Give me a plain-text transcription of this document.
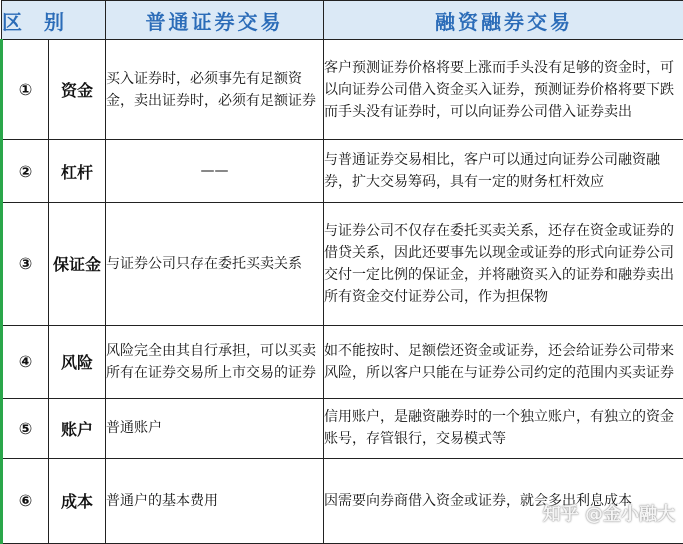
区 别		普通证券交易	融资融券交易
①	资金	买入证券时，必须事先有足额资金，卖出证券时，必须有足额证券	客户预测证券价格将要上涨而手头没有足够的资金时，可以向证券公司借入资金买入证券，预测证券价格将要下跌而手头没有证券时，可以向证券公司借入证券卖出
②	杠杆	——	与普通证券交易相比，客户可以通过向证券公司融资融券，扩大交易筹码，具有一定的财务杠杆效应
③	保证金	与证券公司只存在委托买卖关系	与证券公司不仅存在委托买卖关系，还存在资金或证券的借贷关系，因此还要事先以现金或证券的形式向证券公司交付一定比例的保证金，并将融资买入的证券和融券卖出所有资金交付证券公司，作为担保物
④	风险	风险完全由其自行承担，可以买卖所有在证券交易所上市交易的证券	如不能按时、足额偿还资金或证券，还会给证券公司带来风险，所以客户只能在与证券公司约定的范围内买卖证券
⑤	账户	普通账户	信用账户，是融资融券时的一个独立账户，有独立的资金账号，存管银行，交易模式等
⑥	成本	普通户的基本费用	因需要向券商借入资金或证券，就会多出利息成本
知乎 @金小融大
